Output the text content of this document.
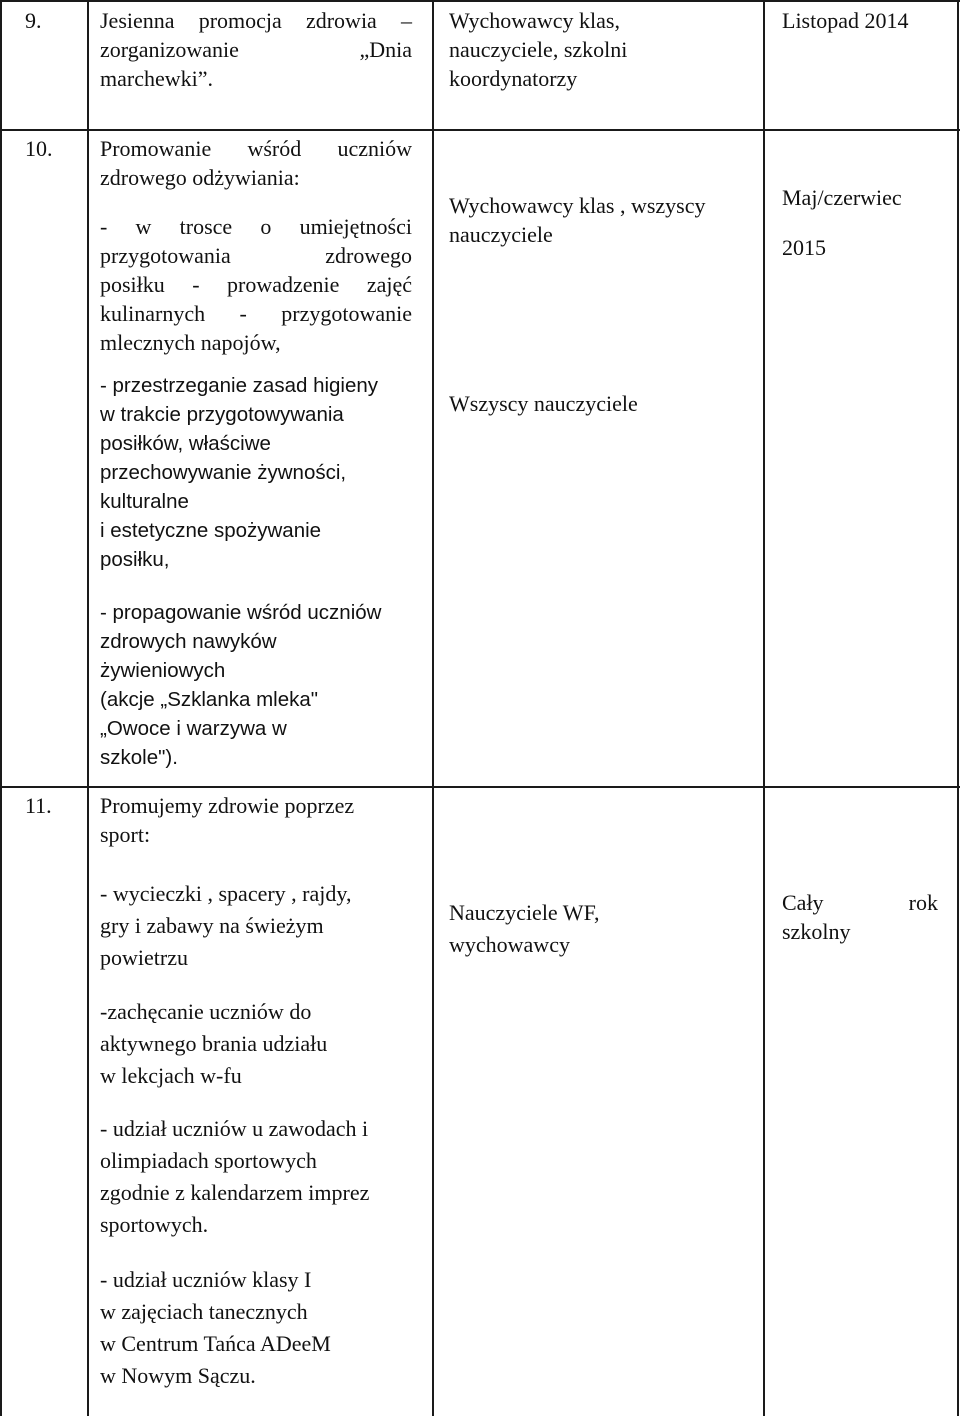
9.	Jesienna promocja zdrowia –
zorganizowanie „Dnia
marchewki”.
Wychowawcy klas,
nauczyciele, szkolni
koordynatorzy
Listopad 2014
10. Promowanie wśród uczniów
zdrowego odżywiania:
- w trosce o umiejętności
przygotowania zdrowego
posiłku - prowadzenie zajęć
kulinarnych - przygotowanie
mlecznych napojów,
- przestrzeganie zasad higieny
w trakcie przygotowywania
posiłków, właściwe
przechowywanie żywności,
kulturalne
i estetyczne spożywanie
posiłku,
- propagowanie wśród uczniów
zdrowych nawyków
żywieniowych
(akcje „Szklanka mleka"
„Owoce i warzywa w
szkole").
Wychowawcy klas , wszyscy
nauczyciele
Wszyscy nauczyciele
Maj/czerwiec
2015
11. Promujemy zdrowie poprzez
sport:
- wycieczki , spacery , rajdy,
gry i zabawy na świeżym
powietrzu
-zachęcanie uczniów do
aktywnego brania udziału
w lekcjach w-fu
- udział uczniów u zawodach i
olimpiadach sportowych
zgodnie z kalendarzem imprez
sportowych.
- udział uczniów klasy I
w zajęciach tanecznych
w Centrum Tańca ADeeM
w Nowym Sączu.
Nauczyciele WF,
wychowawcy
Cały rok
szkolny
